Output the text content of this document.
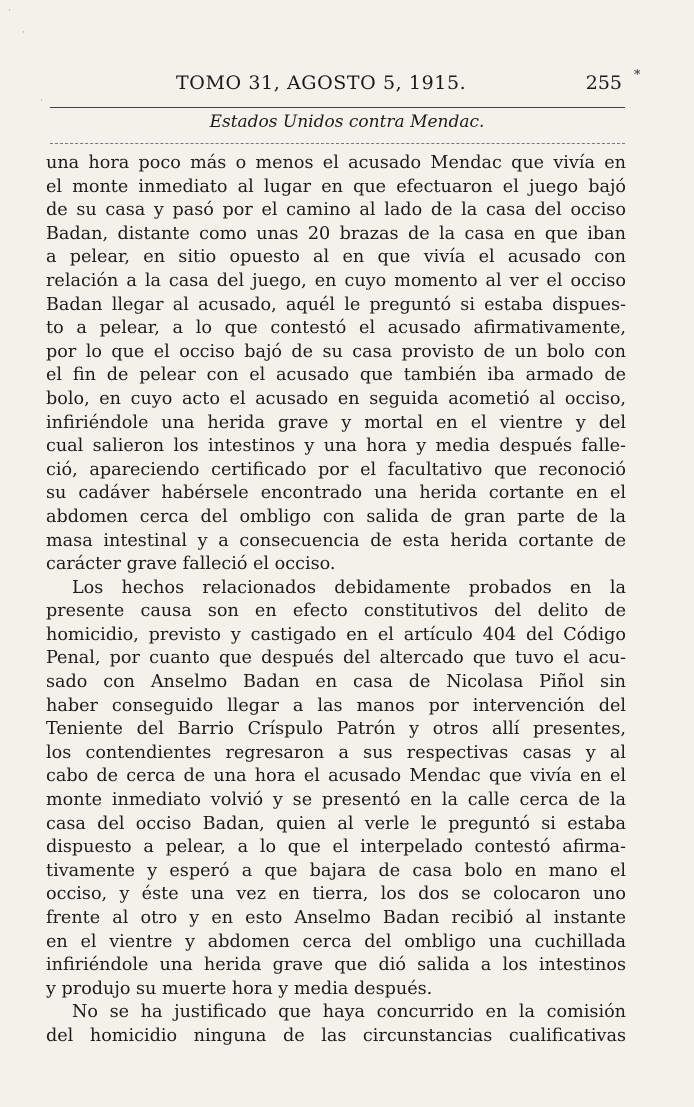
TOMO 31, AGOSTO 5, 1915.	255 *
Estados Unidos contra Mendac.
una hora poco más o menos el acusado Mendac que vivía en
el monte inmediato al lugar en que efectuaron el juego bajó
de su casa y pasó por el camino al lado de la casa del occiso
Badan, distante como unas 20 brazas de la casa en que iban
a pelear, en sitio opuesto al en que vivía el acusado con
relación a la casa del juego, en cuyo momento al ver el occiso
Badan llegar al acusado, aquél le preguntó si estaba dispues-
to a pelear, a lo que contestó el acusado afirmativamente,
por lo que el occiso bajó de su casa provisto de un bolo con
el fin de pelear con el acusado que también iba armado de
bolo, en cuyo acto el acusado en seguida acometió al occiso,
infiriéndole una herida grave y mortal en el vientre y del
cual salieron los intestinos y una hora y media después falle-
ció, apareciendo certificado por el facultativo que reconoció
su cadáver habérsele encontrado una herida cortante en el
abdomen cerca del ombligo con salida de gran parte de la
masa intestinal y a consecuencia de esta herida cortante de
carácter grave falleció el occiso.
Los hechos relacionados debidamente probados en la
presente causa son en efecto constitutivos del delito de
homicidio, previsto y castigado en el artículo 404 del Código
Penal, por cuanto que después del altercado que tuvo el acu-
sado con Anselmo Badan en casa de Nicolasa Piñol sin
haber conseguido llegar a las manos por intervención del
Teniente del Barrio Críspulo Patrón y otros allí presentes,
los contendientes regresaron a sus respectivas casas y al
cabo de cerca de una hora el acusado Mendac que vivía en el
monte inmediato volvió y se presentó en la calle cerca de la
casa del occiso Badan, quien al verle le preguntó si estaba
dispuesto a pelear, a lo que el interpelado contestó afirma-
tivamente y esperó a que bajara de casa bolo en mano el
occiso, y éste una vez en tierra, los dos se colocaron uno
frente al otro y en esto Anselmo Badan recibió al instante
en el vientre y abdomen cerca del ombligo una cuchillada
infiriéndole una herida grave que dió salida a los intestinos
y produjo su muerte hora y media después.
No se ha justificado que haya concurrido en la comisión
del homicidio ninguna de las circunstancias cualificativas
·
·
·
